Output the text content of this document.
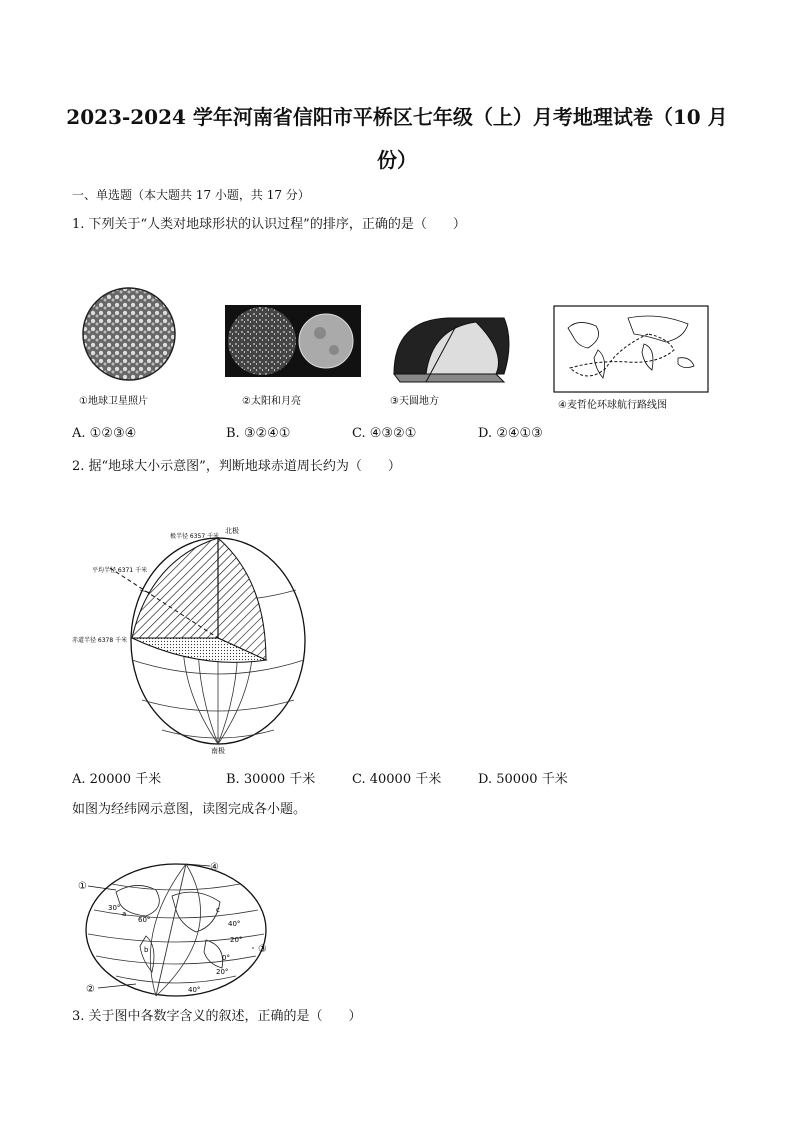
2023-2024 学年河南省信阳市平桥区七年级（上）月考地理试卷（10 月
份）
一、单选题（本大题共 17 小题，共 17 分）
1. 下列关于“人类对地球形状的认识过程”的排序，正确的是（　　）
①地球卫星照片	②太阳和月亮	③天圆地方	④麦哲伦环球航行路线图
A. ①②③④	B. ③②④①	C. ④③②①	D. ②④①③
2. 据“地球大小示意图”，判断地球赤道周长约为（　　）
北极
极半径 6357 千米
平均半径 6371 千米
赤道半径 6378 千米
南极
A. 20000 千米	B. 30000 千米	C. 40000 千米	D. 50000 千米
如图为经纬网示意图，读图完成各小题。
④
①
②
③
30°
60°	40°
20°
0°
20°
40°
a
b
c
3. 关于图中各数字含义的叙述，正确的是（　　）
